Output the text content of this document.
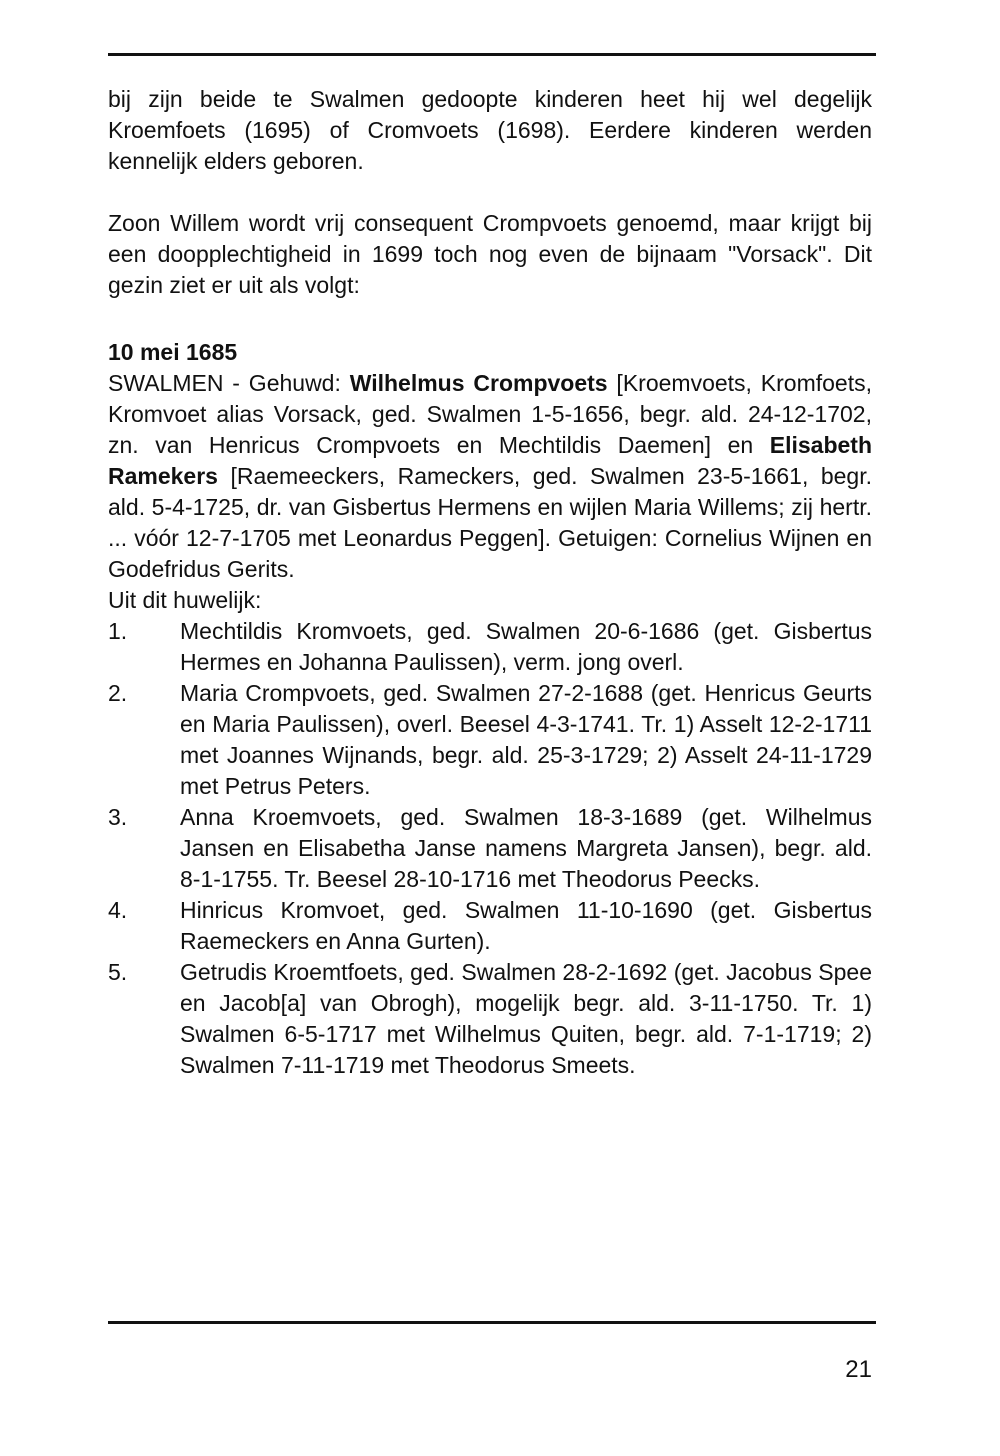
bij zijn beide te Swalmen gedoopte kinderen heet hij wel degelijk Kroemfoets (1695) of Cromvoets (1698). Eerdere kinderen werden kennelijk elders geboren.

Zoon Willem wordt vrij consequent Crompvoets genoemd, maar krijgt bij een doopplechtigheid in 1699 toch nog even de bijnaam "Vorsack". Dit gezin ziet er uit als volgt:

10 mei 1685

SWALMEN - Gehuwd: Wilhelmus Crompvoets [Kroemvoets, Kromfoets, Kromvoet alias Vorsack, ged. Swalmen 1-5-1656, begr. ald. 24-12-1702, zn. van Henricus Crompvoets en Mechtildis Daemen] en Elisabeth Ramekers [Raemeeckers, Rameckers, ged. Swalmen 23-5-1661, begr. ald. 5-4-1725, dr. van Gisbertus Hermens en wijlen Maria Willems; zij hertr. ... vóór 12-7-1705 met Leonardus Peggen]. Getuigen: Cornelius Wijnen en Godefridus Gerits.

Uit dit huwelijk:

1.	Mechtildis Kromvoets, ged. Swalmen 20-6-1686 (get. Gisbertus Hermes en Johanna Paulissen), verm. jong overl.
2.	Maria Crompvoets, ged. Swalmen 27-2-1688 (get. Henricus Geurts en Maria Paulissen), overl. Beesel 4-3-1741. Tr. 1) Asselt 12-2-1711 met Joannes Wijnands, begr. ald. 25-3-1729; 2) Asselt 24-11-1729 met Petrus Peters.
3.	Anna Kroemvoets, ged. Swalmen 18-3-1689 (get. Wilhelmus Jansen en Elisabetha Janse namens Margreta Jansen), begr. ald. 8-1-1755. Tr. Beesel 28-10-1716 met Theodorus Peecks.
4.	Hinricus Kromvoet, ged. Swalmen 11-10-1690 (get. Gisbertus Raemeckers en Anna Gurten).
5.	Getrudis Kroemtfoets, ged. Swalmen 28-2-1692 (get. Jacobus Spee en Jacob[a] van Obrogh), mogelijk begr. ald. 3-11-1750. Tr. 1) Swalmen 6-5-1717 met Wilhelmus Quiten, begr. ald. 7-1-1719; 2) Swalmen 7-11-1719 met Theodorus Smeets.
21
